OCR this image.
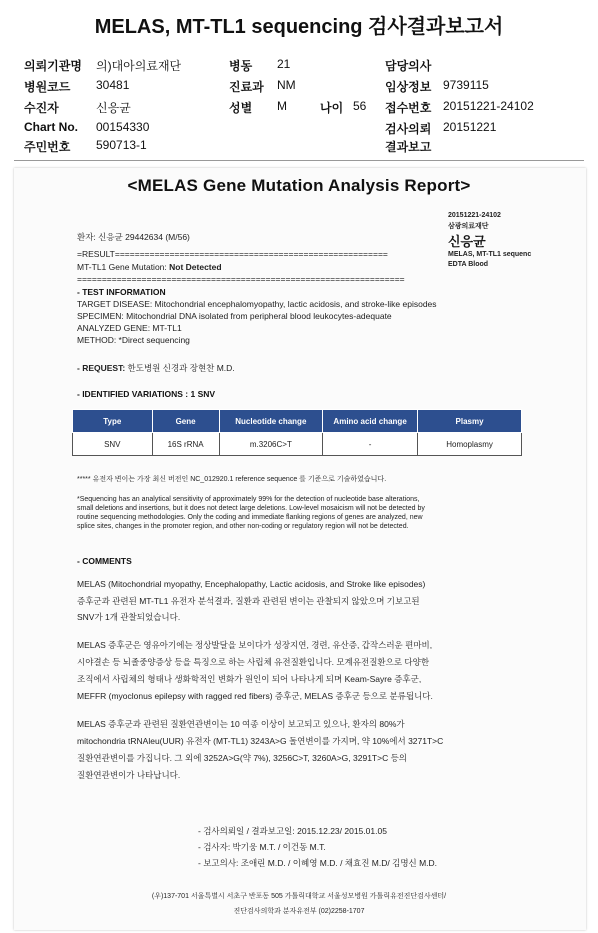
MELAS, MT-TL1 sequencing 검사결과보고서
의뢰기관명 의)대아의료재단	병동 21	담당의사
병원코드 30481	진료과 NM	임상정보 9739115
수진자	신응균	성별 M	나이 56 접수번호 20151221-24102
Chart No. 00154330	검사의뢰 20151221
주민번호 590713-1	결과보고
<MELAS Gene Mutation Analysis Report>
환자: 신응균 29442634 (M/56)
20151221-24102
삼광의료재단
신응균
MELAS, MT-TL1 sequenc
EDTA Blood
=RESULT=======================================================
MT-TL1 Gene Mutation: Not Detected
==================================================================
- TEST INFORMATION
TARGET DISEASE: Mitochondrial encephalomyopathy, lactic acidosis, and stroke-like episodes
SPECIMEN: Mitochondrial DNA isolated from peripheral blood leukocytes-adequate
ANALYZED GENE: MT-TL1
METHOD: *Direct sequencing
- REQUEST: 한도병원 신경과 장현찬 M.D.
- IDENTIFIED VARIATIONS : 1 SNV
Type	Gene	Nucleotide change	Amino acid change	Plasmy
SNV	16S rRNA	m.3206C>T	-	Homoplasmy
***** 유전자 변이는 가장 최신 버전인 NC_012920.1 reference sequence 를 기준으로 기술하였습니다.
*Sequencing has an analytical sensitivity of approximately 99% for the detection of nucleotide base alterations,
small deletions and insertions, but it does not detect large deletions. Low-level mosaicism will not be detected by
routine sequencing methodologies. Only the coding and immediate flanking regions of genes are analyzed, new
splice sites, changes in the promoter region, and other non-coding or regulatory region will not be detected.
- COMMENTS
MELAS (Mitochondrial myopathy, Encephalopathy, Lactic acidosis, and Stroke like episodes)
증후군과 관련된 MT-TL1 유전자 분석결과, 질환과 관련된 변이는 관찰되지 않았으며 기보고된
SNV가 1개 관찰되었습니다.
MELAS 증후군은 영유아기에는 정상발달을 보이다가 성장지연, 경련, 유산증, 갑작스러운 편마비,
시야결손 등 뇌졸중양증상 등을 특징으로 하는 사립체 유전질환입니다. 모계유전질환으로 다양한
조직에서 사립체의 형태나 생화학적인 변화가 원인이 되어 나타나게 되며 Keam-Sayre 증후군,
MEFFR (myoclonus epilepsy with ragged red fibers) 증후군, MELAS 증후군 등으로 분류됩니다.
MELAS 증후군과 관련된 질환연관변이는 10 여종 이상이 보고되고 있으나, 환자의 80%가
mitochondria tRNAleu(UUR) 유전자 (MT-TL1) 3243A>G 돌연변이를 가지며, 약 10%에서 3271T>C
질환연관변이를 가집니다. 그 외에 3252A>G(약 7%), 3256C>T, 3260A>G, 3291T>C 등의
질환연관변이가 나타납니다.
- 검사의뢰일 / 결과보고일: 2015.12.23/ 2015.01.05
- 검사자: 박기웅 M.T. / 이건동 M.T.
- 보고의사: 조애린 M.D. / 이혜영 M.D. / 채효진 M.D/ 김명신 M.D.
(우)137-701 서울특별시 서초구 반포동 505 가톨릭대학교 서울성모병원 가톨릭유전진단검사센터/
진단검사의학과 분자유전부 (02)2258-1707
